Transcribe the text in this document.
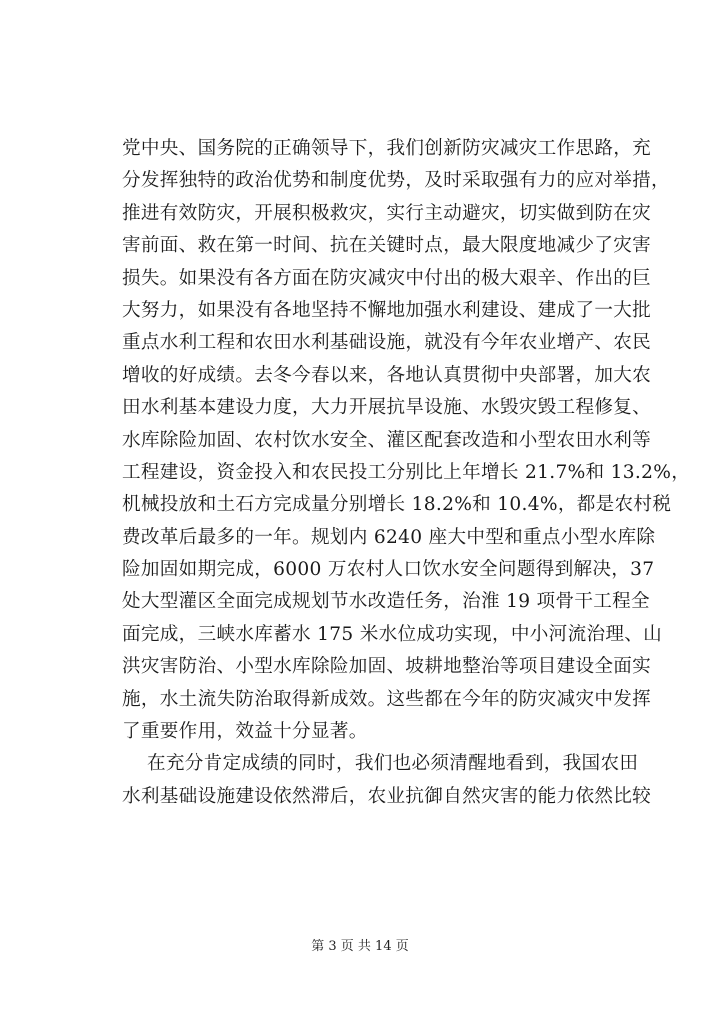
党中央、国务院的正确领导下，我们创新防灾减灾工作思路，充
分发挥独特的政治优势和制度优势，及时采取强有力的应对举措，
推进有效防灾，开展积极救灾，实行主动避灾，切实做到防在灾
害前面、救在第一时间、抗在关键时点，最大限度地减少了灾害
损失。如果没有各方面在防灾减灾中付出的极大艰辛、作出的巨
大努力，如果没有各地坚持不懈地加强水利建设、建成了一大批
重点水利工程和农田水利基础设施，就没有今年农业增产、农民
增收的好成绩。去冬今春以来，各地认真贯彻中央部署，加大农
田水利基本建设力度，大力开展抗旱设施、水毁灾毁工程修复、
水库除险加固、农村饮水安全、灌区配套改造和小型农田水利等
工程建设，资金投入和农民投工分别比上年增长 21.7%和 13.2%，
机械投放和土石方完成量分别增长 18.2%和 10.4%，都是农村税
费改革后最多的一年。规划内 6240 座大中型和重点小型水库除
险加固如期完成，6000 万农村人口饮水安全问题得到解决，37
处大型灌区全面完成规划节水改造任务，治淮 19 项骨干工程全
面完成，三峡水库蓄水 175 米水位成功实现，中小河流治理、山
洪灾害防治、小型水库除险加固、坡耕地整治等项目建设全面实
施，水土流失防治取得新成效。这些都在今年的防灾减灾中发挥
了重要作用，效益十分显著。
在充分肯定成绩的同时，我们也必须清醒地看到，我国农田
水利基础设施建设依然滞后，农业抗御自然灾害的能力依然比较
第 3 页 共 14 页
